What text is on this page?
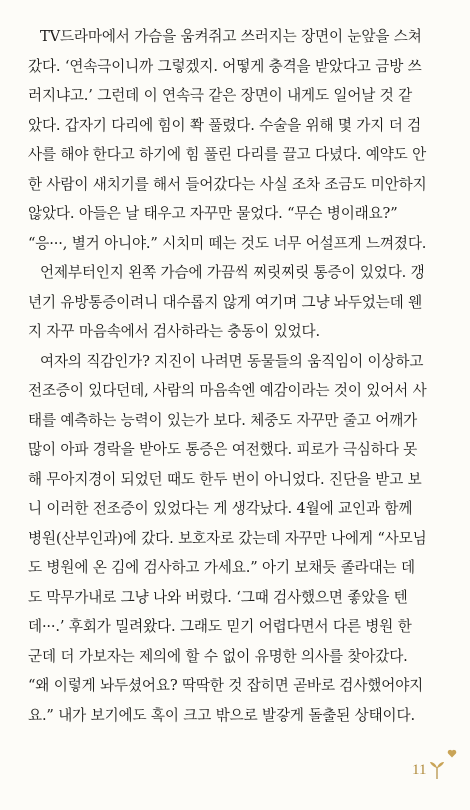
TV드라마에서 가슴을 움켜쥐고 쓰러지는 장면이 눈앞을 스쳐
갔다. ‘연속극이니까 그렇겠지. 어떻게 충격을 받았다고 금방 쓰
러지냐고.’ 그런데 이 연속극 같은 장면이 내게도 일어날 것 같
았다. 갑자기 다리에 힘이 쫙 풀렸다. 수술을 위해 몇 가지 더 검
사를 해야 한다고 하기에 힘 풀린 다리를 끌고 다녔다. 예약도 안
한 사람이 새치기를 해서 들어갔다는 사실 조차 조금도 미안하지
않았다. 아들은 날 태우고 자꾸만 물었다. “무슨 병이래요?”
“응···, 별거 아니야.” 시치미 떼는 것도 너무 어설프게 느껴졌다.
언제부터인지 왼쪽 가슴에 가끔씩 찌릿찌릿 통증이 있었다. 갱
년기 유방통증이려니 대수롭지 않게 여기며 그냥 놔두었는데 웬
지 자꾸 마음속에서 검사하라는 충동이 있었다.
여자의 직감인가? 지진이 나려면 동물들의 움직임이 이상하고
전조증이 있다던데, 사람의 마음속엔 예감이라는 것이 있어서 사
태를 예측하는 능력이 있는가 보다. 체중도 자꾸만 줄고 어깨가
많이 아파 경락을 받아도 통증은 여전했다. 피로가 극심하다 못
해 무아지경이 되었던 때도 한두 번이 아니었다. 진단을 받고 보
니 이러한 전조증이 있었다는 게 생각났다. 4월에 교인과 함께
병원(산부인과)에 갔다. 보호자로 갔는데 자꾸만 나에게 “사모님
도 병원에 온 김에 검사하고 가세요.” 아기 보채듯 졸라대는 데
도 막무가내로 그냥 나와 버렸다. ‘그때 검사했으면 좋았을 텐
데···.’ 후회가 밀려왔다. 그래도 믿기 어렵다면서 다른 병원 한
군데 더 가보자는 제의에 할 수 없이 유명한 의사를 찾아갔다.
“왜 이렇게 놔두셨어요? 딱딱한 것 잡히면 곧바로 검사했어야지
요.” 내가 보기에도 혹이 크고 밖으로 발갛게 돌출된 상태이다.
11
